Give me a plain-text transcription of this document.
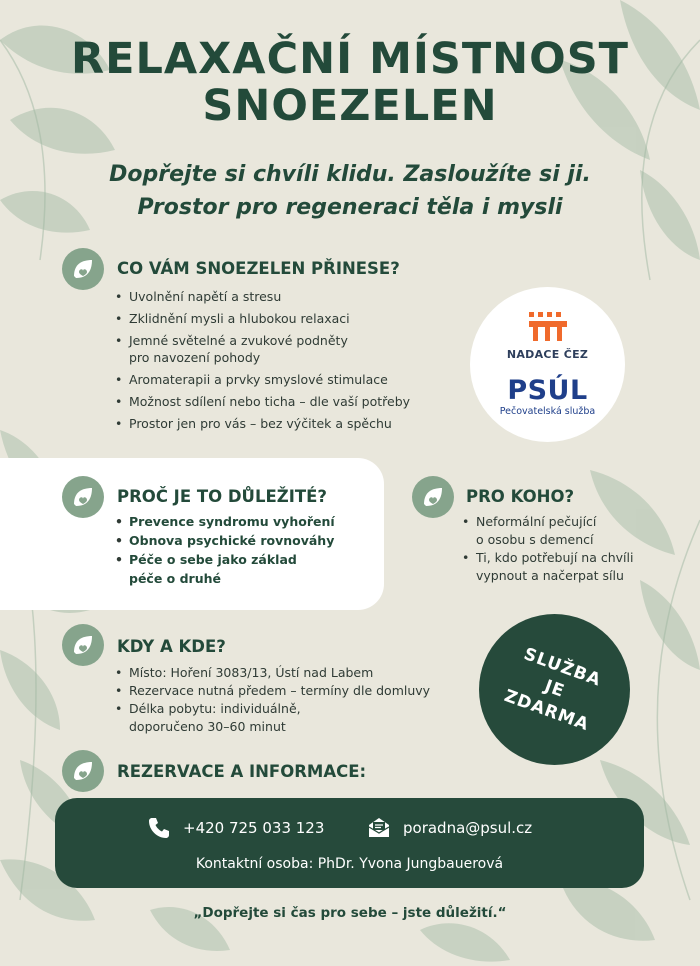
RELAXAČNÍ MÍSTNOST
SNOEZELEN
Dopřejte si chvíli klidu. Zasloužíte si ji.
Prostor pro regeneraci těla i mysli
CO VÁM SNOEZELEN PŘINESE?
• Uvolnění napětí a stresu
• Zklidnění mysli a hlubokou relaxaci
• Jemné světelné a zvukové podněty
pro navození pohody
• Aromaterapii a prvky smyslové stimulace
• Možnost sdílení nebo ticha – dle vaší potřeby
• Prostor jen pro vás – bez výčitek a spěchu
NADACE ČEZ
PSÚL
Pečovatelská služba
PROČ JE TO DŮLEŽITÉ?
• Prevence syndromu vyhoření
• Obnova psychické rovnováhy
• Péče o sebe jako základ
péče o druhé
PRO KOHO?
• Neformální pečující
o osobu s demencí
• Ti, kdo potřebují na chvíli
vypnout a načerpat sílu
KDY A KDE?
• Místo: Hoření 3083/13, Ústí nad Labem
• Rezervace nutná předem – termíny dle domluvy
• Délka pobytu: individuálně,
doporučeno 30–60 minut
SLUŽBA
JE
ZDARMA
REZERVACE A INFORMACE:
+420 725 033 123	poradna@psul.cz
Kontaktní osoba: PhDr. Yvona Jungbauerová
„Dopřejte si čas pro sebe – jste důležití.“
